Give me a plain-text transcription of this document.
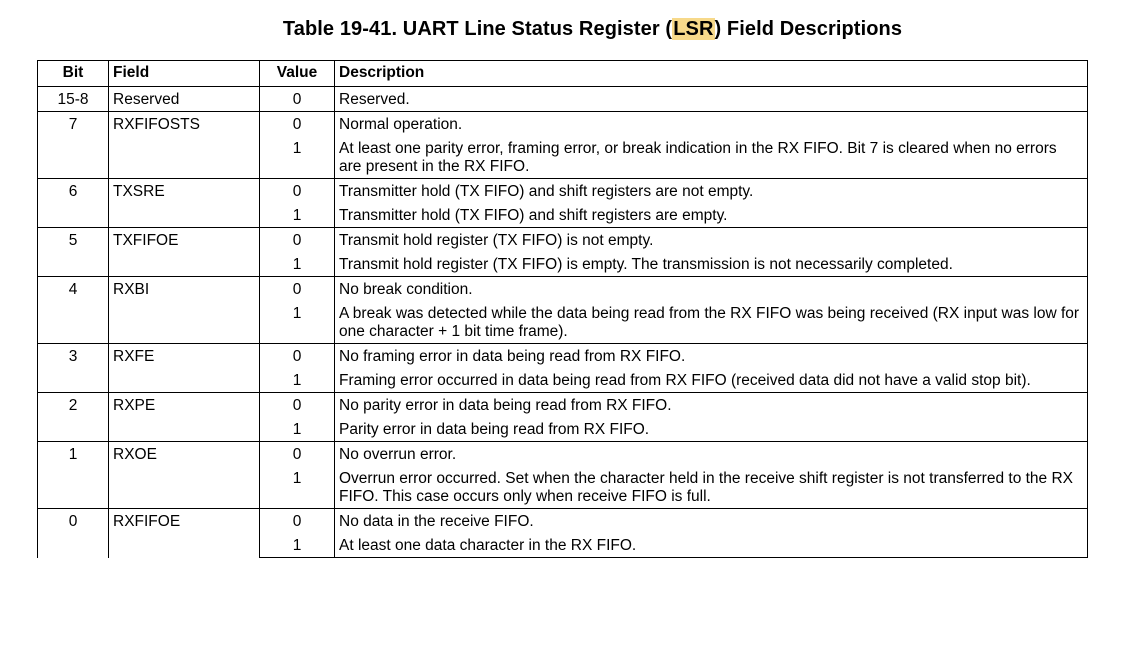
Table 19-41. UART Line Status Register (LSR) Field Descriptions
Bit	Field	Value	Description
15-8	Reserved	0	Reserved.
7	RXFIFOSTS	0	Normal operation.
		1	At least one parity error, framing error, or break indication in the RX FIFO. Bit 7 is cleared when no errors are present in the RX FIFO.
6	TXSRE	0	Transmitter hold (TX FIFO) and shift registers are not empty.
		1	Transmitter hold (TX FIFO) and shift registers are empty.
5	TXFIFOE	0	Transmit hold register (TX FIFO) is not empty.
		1	Transmit hold register (TX FIFO) is empty. The transmission is not necessarily completed.
4	RXBI	0	No break condition.
		1	A break was detected while the data being read from the RX FIFO was being received (RX input was low for one character + 1 bit time frame).
3	RXFE	0	No framing error in data being read from RX FIFO.
		1	Framing error occurred in data being read from RX FIFO (received data did not have a valid stop bit).
2	RXPE	0	No parity error in data being read from RX FIFO.
		1	Parity error in data being read from RX FIFO.
1	RXOE	0	No overrun error.
		1	Overrun error occurred. Set when the character held in the receive shift register is not transferred to the RX FIFO. This case occurs only when receive FIFO is full.
0	RXFIFOE	0	No data in the receive FIFO.
		1	At least one data character in the RX FIFO.
